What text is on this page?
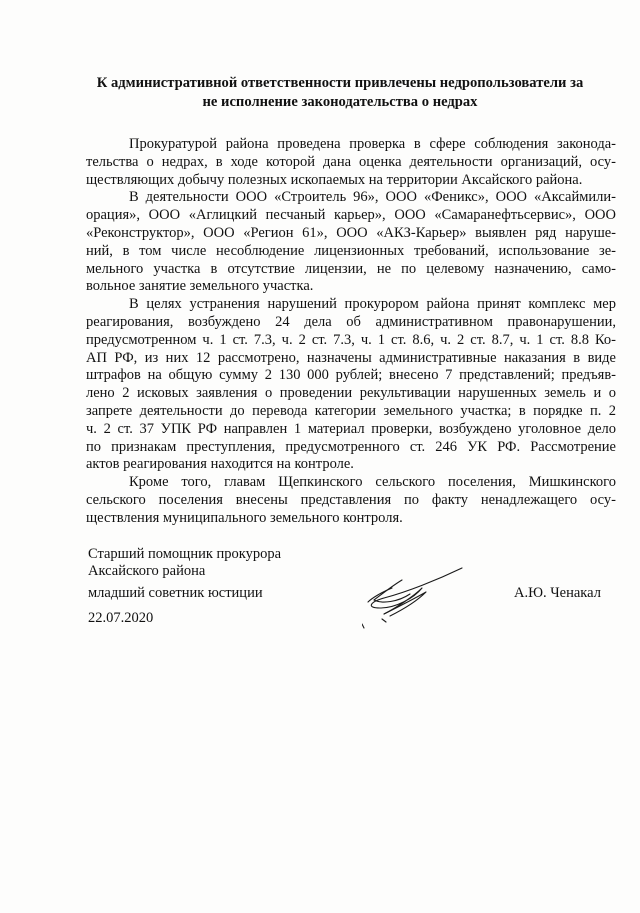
К административной ответственности привлечены недропользователи за
не исполнение законодательства о недрах
Прокуратурой района проведена проверка в сфере соблюдения законода-
тельства о недрах, в ходе которой дана оценка деятельности организаций, осу-
ществляющих добычу полезных ископаемых на территории Аксайского района.
В деятельности ООО «Строитель 96», ООО «Феникс», ООО «Аксаймили-
орация», ООО «Аглицкий песчаный карьер», ООО «Самаранефтьсервис», ООО
«Реконструктор», ООО «Регион 61», ООО «АКЗ-Карьер» выявлен ряд наруше-
ний, в том числе несоблюдение лицензионных требований, использование зе-
мельного участка в отсутствие лицензии, не по целевому назначению, само-
вольное занятие земельного участка.
В целях устранения нарушений прокурором района принят комплекс мер
реагирования, возбуждено 24 дела об административном правонарушении,
предусмотренном ч. 1 ст. 7.3, ч. 2 ст. 7.3, ч. 1 ст. 8.6, ч. 2 ст. 8.7, ч. 1 ст. 8.8 Ко-
АП РФ, из них 12 рассмотрено, назначены административные наказания в виде
штрафов на общую сумму 2 130 000 рублей; внесено 7 представлений; предъяв-
лено 2 исковых заявления о проведении рекультивации нарушенных земель и о
запрете деятельности до перевода категории земельного участка; в порядке п. 2
ч. 2 ст. 37 УПК РФ направлен 1 материал проверки, возбуждено уголовное дело
по признакам преступления, предусмотренного ст. 246 УК РФ. Рассмотрение
актов реагирования находится на контроле.
Кроме того, главам Щепкинского сельского поселения, Мишкинского
сельского поселения внесены представления по факту ненадлежащего осу-
ществления муниципального земельного контроля.
Старший помощник прокурора
Аксайского района
младший советник юстиции	А.Ю. Ченакал
22.07.2020
